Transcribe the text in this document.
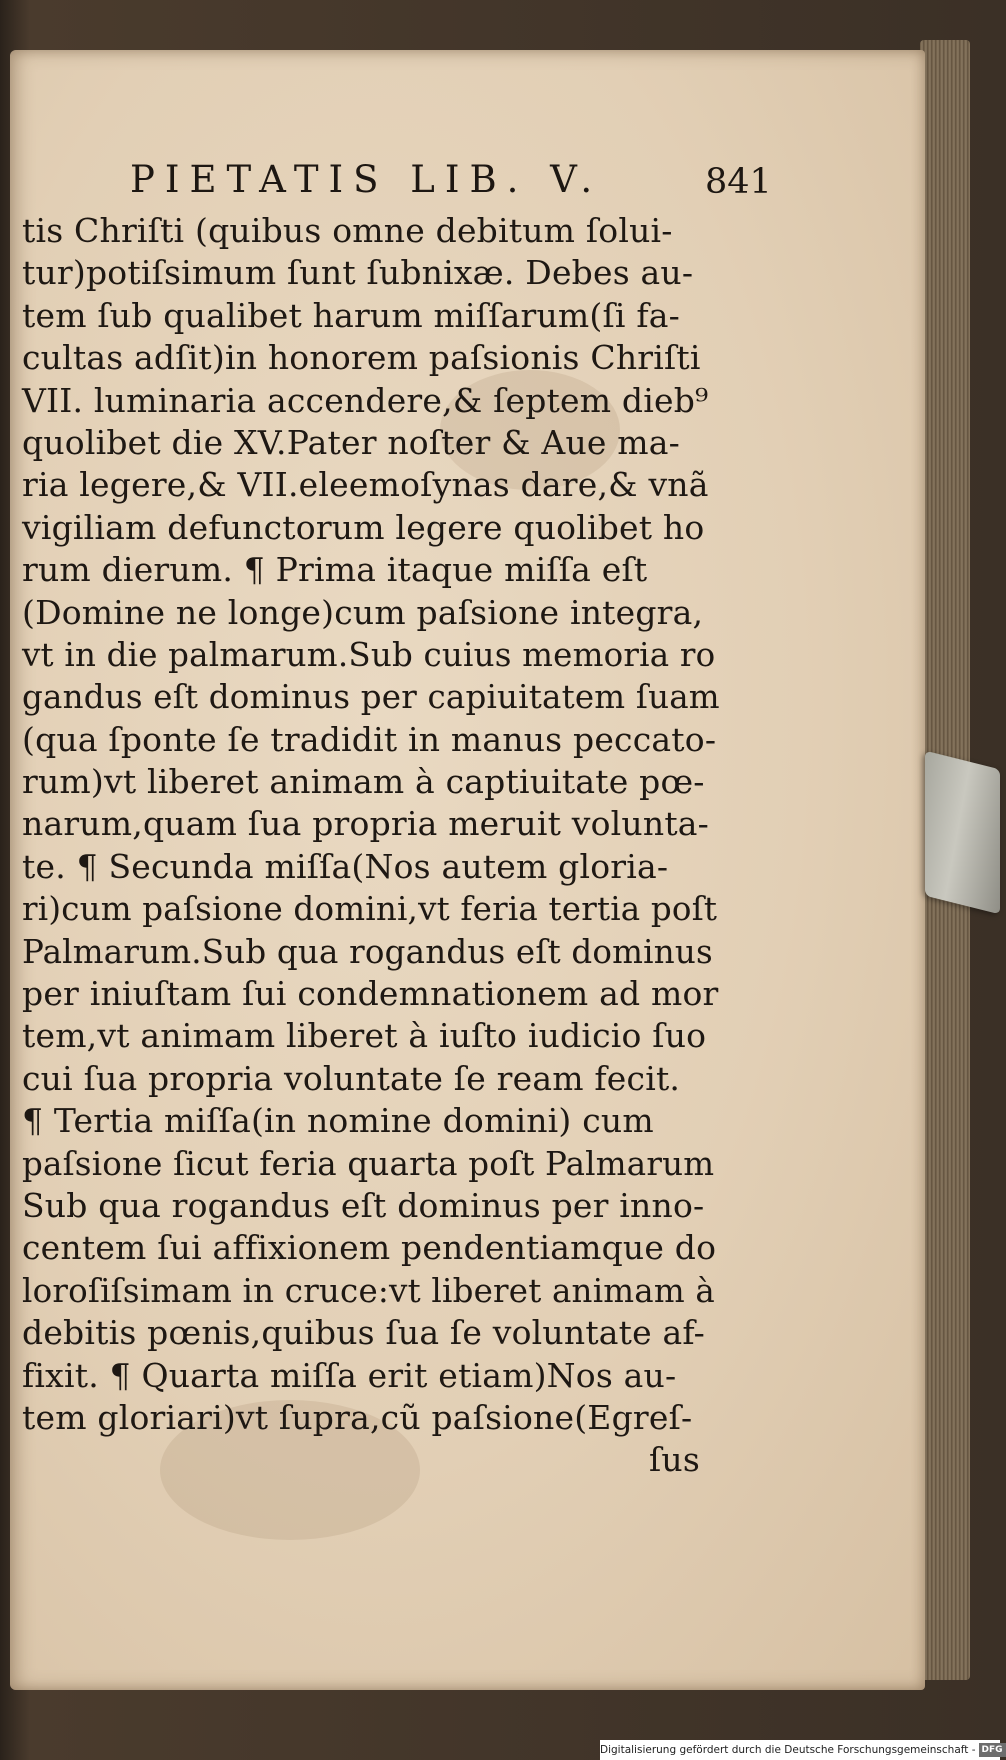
PIETATIS LIB. V.	841
tis Chriſti (quibus omne debitum ſolui-
tur)potiſsimum ſunt ſubnixæ. Debes au-
tem ſub qualibet harum miſſarum(ſi fa-
cultas adſit)in honorem paſsionis Chriſti
VII. luminaria accendere,& ſeptem dieb⁹
quolibet die XV.Pater noſter & Aue ma-
ria legere,& VII.eleemoſynas dare,& vnã
vigiliam defunctorum legere quolibet ho
rum dierum. ¶ Prima itaque miſſa eſt
(Domine ne longe)cum paſsione integra,
vt in die palmarum.Sub cuius memoria ro
gandus eſt dominus per capiuitatem ſuam
(qua ſponte ſe tradidit in manus peccato-
rum)vt liberet animam à captiuitate pœ-
narum,quam ſua propria meruit volunta-
te. ¶ Secunda miſſa(Nos autem gloria-
ri)cum paſsione domini,vt feria tertia poſt
Palmarum.Sub qua rogandus eſt dominus
per iniuſtam ſui condemnationem ad mor
tem,vt animam liberet à iuſto iudicio ſuo
cui ſua propria voluntate ſe ream fecit.
¶ Tertia miſſa(in nomine domini) cum
paſsione ſicut feria quarta poſt Palmarum
Sub qua rogandus eſt dominus per inno-
centem ſui affixionem pendentiamque do
loroſiſsimam in cruce:vt liberet animam à
debitis pœnis,quibus ſua ſe voluntate af-
fixit. ¶ Quarta miſſa erit etiam)Nos au-
tem gloriari)vt ſupra,cũ paſsione(Egreſ-
ſus
Digitalisierung gefördert durch die Deutsche Forschungsgemeinschaft - DFG
